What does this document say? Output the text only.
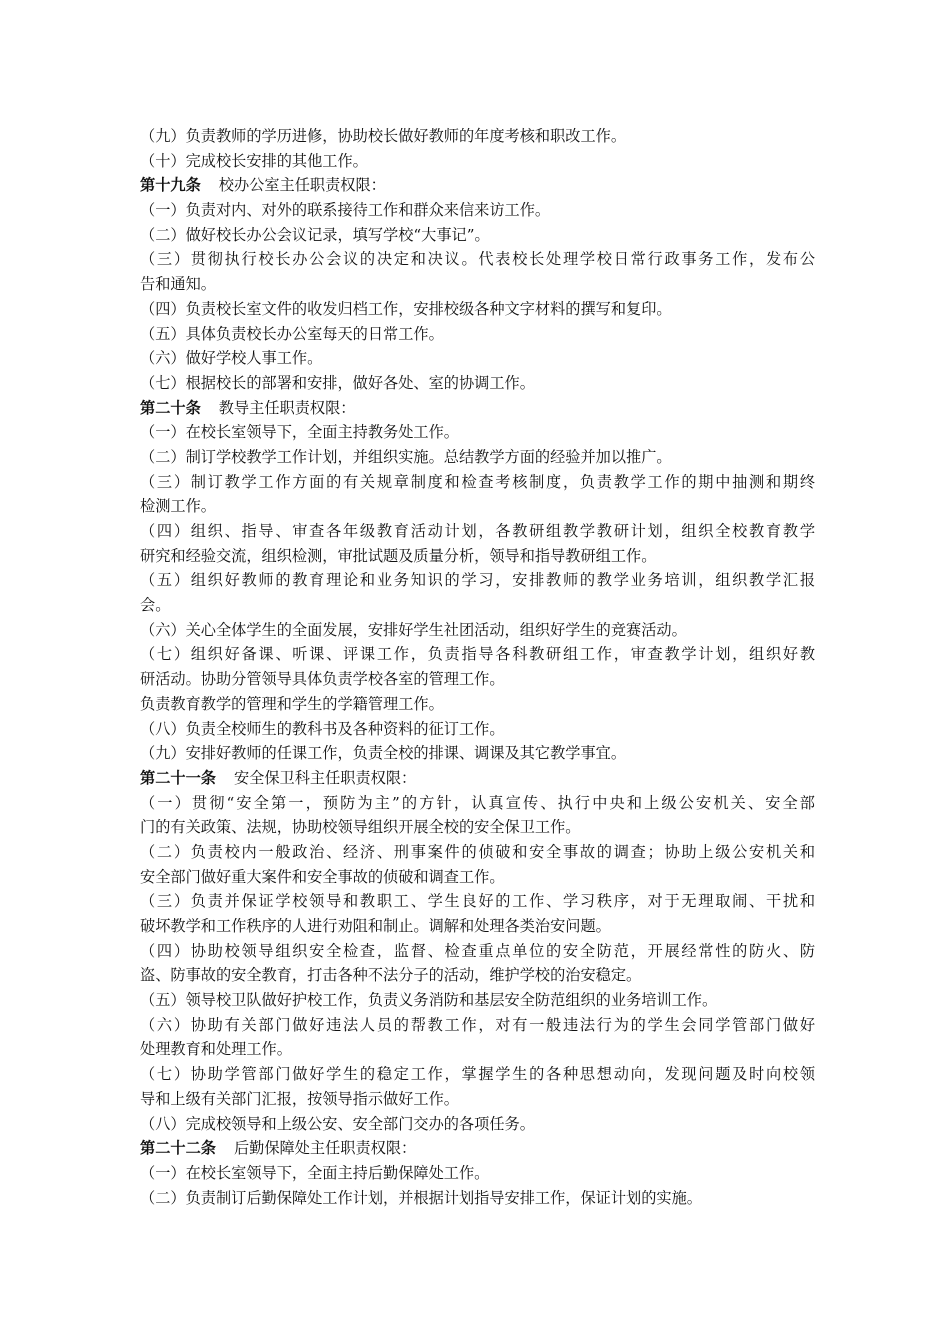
（九）负责教师的学历进修，协助校长做好教师的年度考核和职改工作。
（十）完成校长安排的其他工作。
第十九条 校办公室主任职责权限：
（一）负责对内、对外的联系接待工作和群众来信来访工作。
（二）做好校长办公会议记录，填写学校“大事记”。
（三）贯彻执行校长办公会议的决定和决议。代表校长处理学校日常行政事务工作，发布公
告和通知。
（四）负责校长室文件的收发归档工作，安排校级各种文字材料的撰写和复印。
（五）具体负责校长办公室每天的日常工作。
（六）做好学校人事工作。
（七）根据校长的部署和安排，做好各处、室的协调工作。
第二十条 教导主任职责权限：
（一）在校长室领导下，全面主持教务处工作。
（二）制订学校教学工作计划，并组织实施。总结教学方面的经验并加以推广。
（三）制订教学工作方面的有关规章制度和检查考核制度，负责教学工作的期中抽测和期终
检测工作。
（四）组织、指导、审查各年级教育活动计划，各教研组教学教研计划，组织全校教育教学
研究和经验交流，组织检测，审批试题及质量分析，领导和指导教研组工作。
（五）组织好教师的教育理论和业务知识的学习，安排教师的教学业务培训，组织教学汇报
会。
（六）关心全体学生的全面发展，安排好学生社团活动，组织好学生的竞赛活动。
（七）组织好备课、听课、评课工作，负责指导各科教研组工作，审查教学计划，组织好教
研活动。协助分管领导具体负责学校各室的管理工作。
负责教育教学的管理和学生的学籍管理工作。
（八）负责全校师生的教科书及各种资料的征订工作。
（九）安排好教师的任课工作，负责全校的排课、调课及其它教学事宜。
第二十一条 安全保卫科主任职责权限：
（一）贯彻“安全第一，预防为主”的方针，认真宣传、执行中央和上级公安机关、安全部
门的有关政策、法规，协助校领导组织开展全校的安全保卫工作。
（二）负责校内一般政治、经济、刑事案件的侦破和安全事故的调查；协助上级公安机关和
安全部门做好重大案件和安全事故的侦破和调查工作。
（三）负责并保证学校领导和教职工、学生良好的工作、学习秩序，对于无理取闹、干扰和
破坏教学和工作秩序的人进行劝阻和制止。调解和处理各类治安问题。
（四）协助校领导组织安全检查，监督、检查重点单位的安全防范，开展经常性的防火、防
盗、防事故的安全教育，打击各种不法分子的活动，维护学校的治安稳定。
（五）领导校卫队做好护校工作，负责义务消防和基层安全防范组织的业务培训工作。
（六）协助有关部门做好违法人员的帮教工作，对有一般违法行为的学生会同学管部门做好
处理教育和处理工作。
（七）协助学管部门做好学生的稳定工作，掌握学生的各种思想动向，发现问题及时向校领
导和上级有关部门汇报，按领导指示做好工作。
（八）完成校领导和上级公安、安全部门交办的各项任务。
第二十二条 后勤保障处主任职责权限：
（一）在校长室领导下，全面主持后勤保障处工作。
（二）负责制订后勤保障处工作计划，并根据计划指导安排工作，保证计划的实施。
